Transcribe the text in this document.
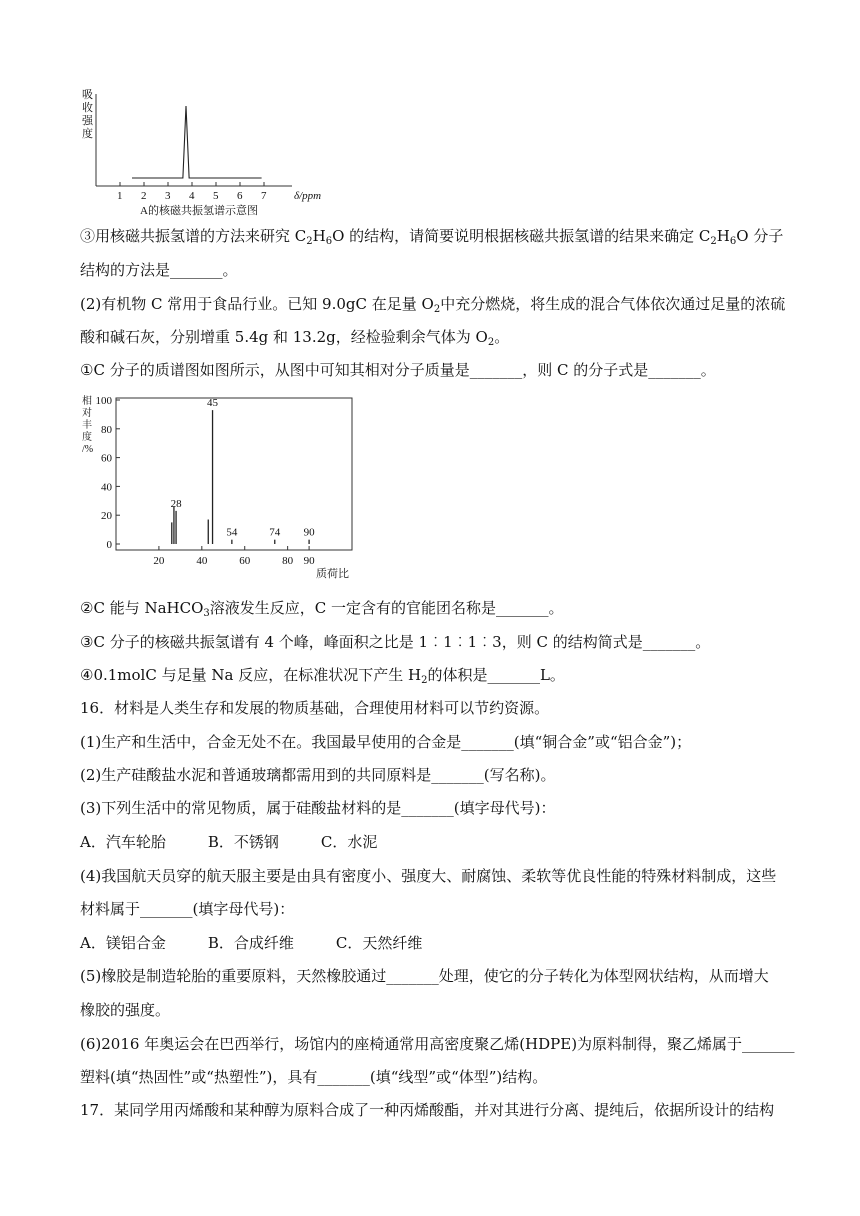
吸
收
强
度
1 2 3 4 5 6 7	δ/ppm
A的核磁共振氢谱示意图
③用核磁共振氢谱的方法来研究 $C_2H_6O$ 的结构，请简要说明根据核磁共振氢谱的结果来确定 $C_2H_6O$ 分子
结构的方法是_______。
(2)有机物 C 常用于食品行业。已知 9.0gC 在足量 $O_2$中充分燃烧，将生成的混合气体依次通过足量的浓硫
酸和碱石灰，分别增重 5.4g 和 13.2g，经检验剩余气体为 $O_2$。
①C 分子的质谱图如图所示，从图中可知其相对分子质量是_______，则 C 的分子式是_______。
相
对
丰
度
/%
0
20
40
60
80
100
20	40	60	80 90
28
45
54	74 90
质荷比
②C 能与 NaHCO$_3$溶液发生反应，C 一定含有的官能团名称是_______。
③C 分子的核磁共振氢谱有 4 个峰，峰面积之比是 1︰1︰1︰3，则 C 的结构简式是_______。
④0.1molC 与足量 Na 反应，在标准状况下产生 $H_2$的体积是_______L。
16．材料是人类生存和发展的物质基础，合理使用材料可以节约资源。
(1)生产和生活中，合金无处不在。我国最早使用的合金是_______(填“铜合金”或“铝合金”)；
(2)生产硅酸盐水泥和普通玻璃都需用到的共同原料是_______(写名称)。
(3)下列生活中的常见物质，属于硅酸盐材料的是_______(填字母代号)：
A．汽车轮胎	B．不锈钢	C．水泥
(4)我国航天员穿的航天服主要是由具有密度小、强度大、耐腐蚀、柔软等优良性能的特殊材料制成，这些
材料属于_______(填字母代号)：
A．镁铝合金	B．合成纤维	C．天然纤维
(5)橡胶是制造轮胎的重要原料，天然橡胶通过_______处理，使它的分子转化为体型网状结构，从而增大
橡胶的强度。
(6)2016 年奥运会在巴西举行，场馆内的座椅通常用高密度聚乙烯(HDPE)为原料制得，聚乙烯属于_______
塑料(填“热固性”或“热塑性”)，具有_______(填“线型”或“体型”)结构。
17．某同学用丙烯酸和某种醇为原料合成了一种丙烯酸酯，并对其进行分离、提纯后，依据所设计的结构
